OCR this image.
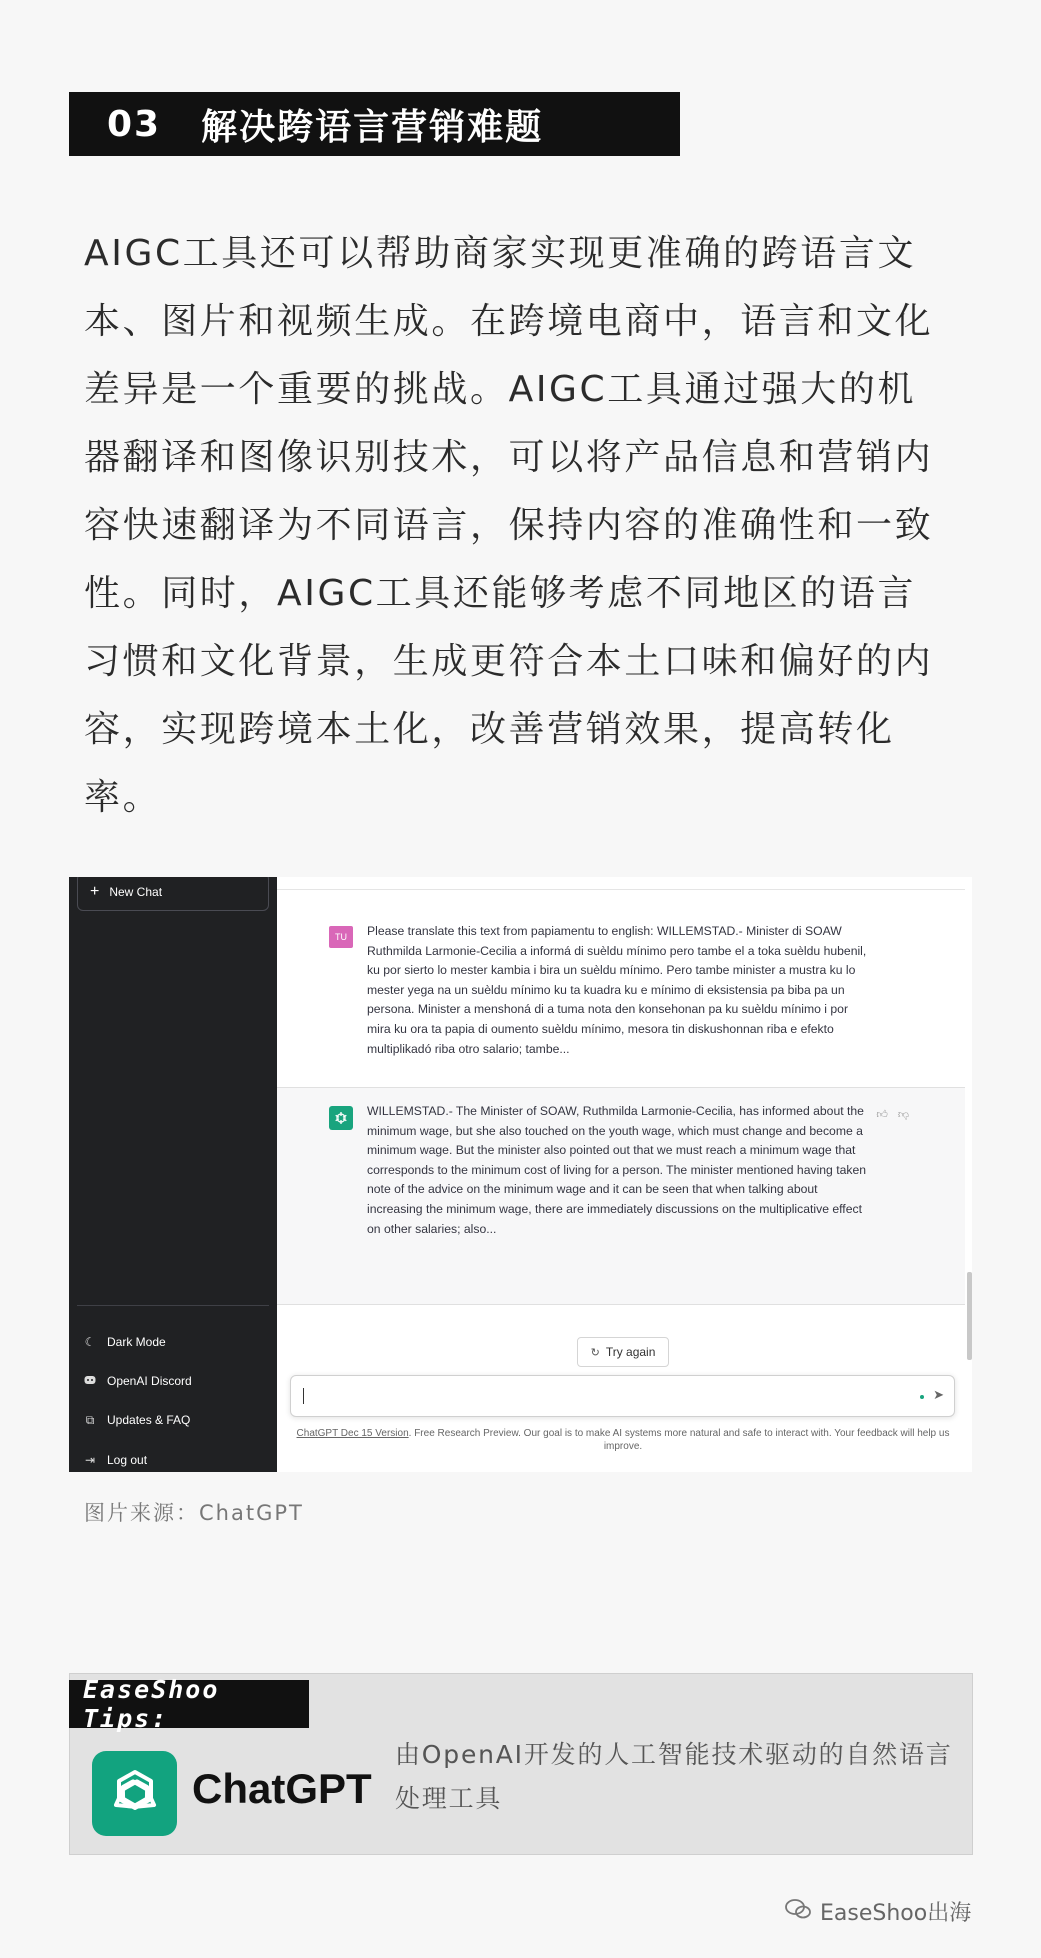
03 解决跨语言营销难题
AIGC工具还可以帮助商家实现更准确的跨语言文
本、图片和视频生成。在跨境电商中，语言和文化
差异是一个重要的挑战。AIGC工具通过强大的机
器翻译和图像识别技术，可以将产品信息和营销内
容快速翻译为不同语言，保持内容的准确性和一致
性。同时，AIGC工具还能够考虑不同地区的语言
习惯和文化背景，生成更符合本土口味和偏好的内
容，实现跨境本土化，改善营销效果，提高转化率。
+ New Chat
☾ Dark Mode
OpenAI Discord
⧉	Updates & FAQ
⇥ Log out
TU	Please translate this text from papiamentu to english: WILLEMSTAD.- Minister di SOAW Ruthmilda Larmonie-Cecilia a informá di suèldu mínimo pero tambe el a toka suèldu hubenil, ku por sierto lo mester kambia i bira un suèldu mínimo. Pero tambe minister a mustra ku lo mester yega na un suèldu mínimo ku ta kuadra ku e mínimo di eksistensia pa biba pa un persona. Minister a menshoná di a tuma nota den konsehonan pa ku suèldu mínimo i por mira ku ora ta papia di oumento suèldu mínimo, mesora tin diskushonnan riba e efekto multiplikadó riba otro salario; tambe...
WILLEMSTAD.- The Minister of SOAW, Ruthmilda Larmonie-Cecilia, has informed about the minimum wage, but she also touched on the youth wage, which must change and become a minimum wage. But the minister also pointed out that we must reach a minimum wage that corresponds to the minimum cost of living for a person. The minister mentioned having taken note of the advice on the minimum wage and it can be seen that when talking about increasing the minimum wage, there are immediately discussions on the multiplicative effect on other salaries; also...
👍︎ 👎︎
↻ Try again
➤
ChatGPT Dec 15 Version. Free Research Preview. Our goal is to make AI systems more natural and safe to interact with. Your feedback will help us improve.
图片来源：ChatGPT
EaseShoo Tips:
ChatGPT
由OpenAI开发的人工智能技术驱动的自然语言处理工具
EaseShoo出海
